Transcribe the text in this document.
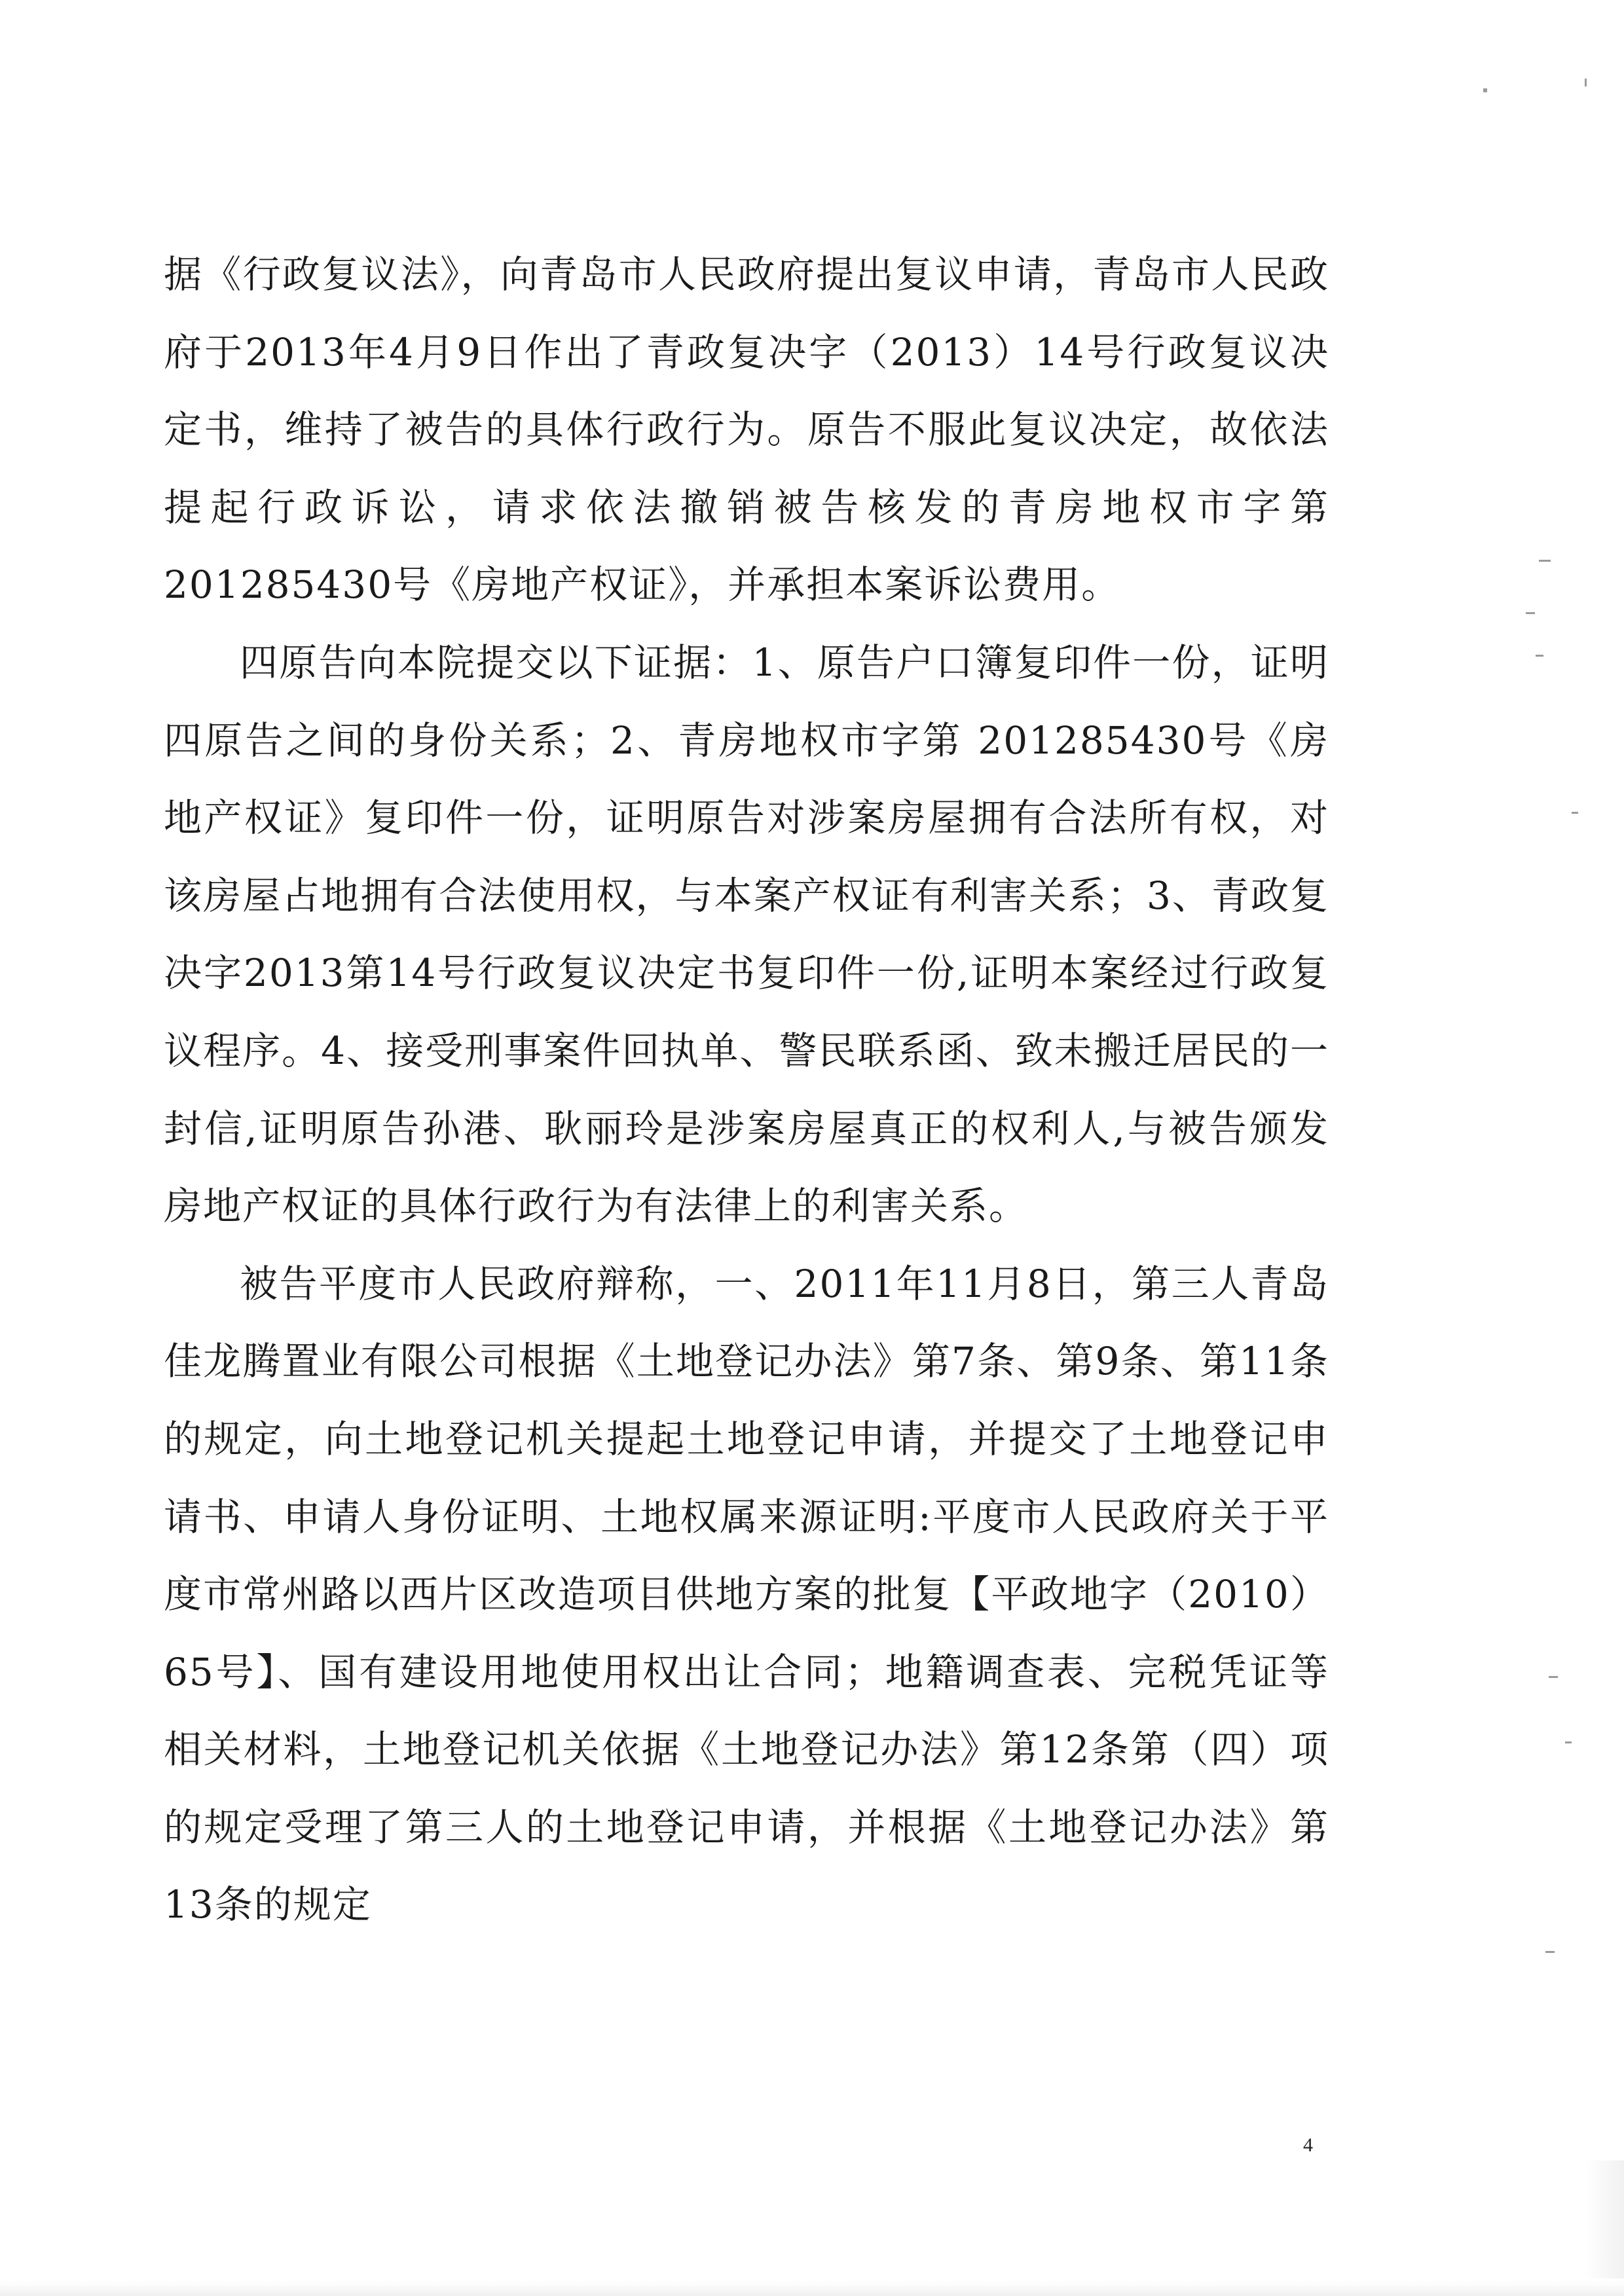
据《行政复议法》，向青岛市人民政府提出复议申请，青岛市人民政府于2013年4月9日作出了青政复决字（2013）14号行政复议决定书，维持了被告的具体行政行为。原告不服此复议决定，故依法提起行政诉讼，请求依法撤销被告核发的青房地权市字第201285430号《房地产权证》，并承担本案诉讼费用。

四原告向本院提交以下证据：1、原告户口簿复印件一份，证明四原告之间的身份关系；2、青房地权市字第 201285430号《房地产权证》复印件一份，证明原告对涉案房屋拥有合法所有权，对该房屋占地拥有合法使用权，与本案产权证有利害关系；3、青政复决字2013第14号行政复议决定书复印件一份,证明本案经过行政复议程序。4、接受刑事案件回执单、警民联系函、致未搬迁居民的一封信,证明原告孙港、耿丽玲是涉案房屋真正的权利人,与被告颁发房地产权证的具体行政行为有法律上的利害关系。

被告平度市人民政府辩称，一、2011年11月8日，第三人青岛佳龙腾置业有限公司根据《土地登记办法》第7条、第9条、第11条的规定，向土地登记机关提起土地登记申请，并提交了土地登记申请书、申请人身份证明、土地权属来源证明:平度市人民政府关于平度市常州路以西片区改造项目供地方案的批复【平政地字（2010）65号】、国有建设用地使用权出让合同；地籍调查表、完税凭证等相关材料，土地登记机关依据《土地登记办法》第12条第（四）项的规定受理了第三人的土地登记申请，并根据《土地登记办法》第13条的规定

4
